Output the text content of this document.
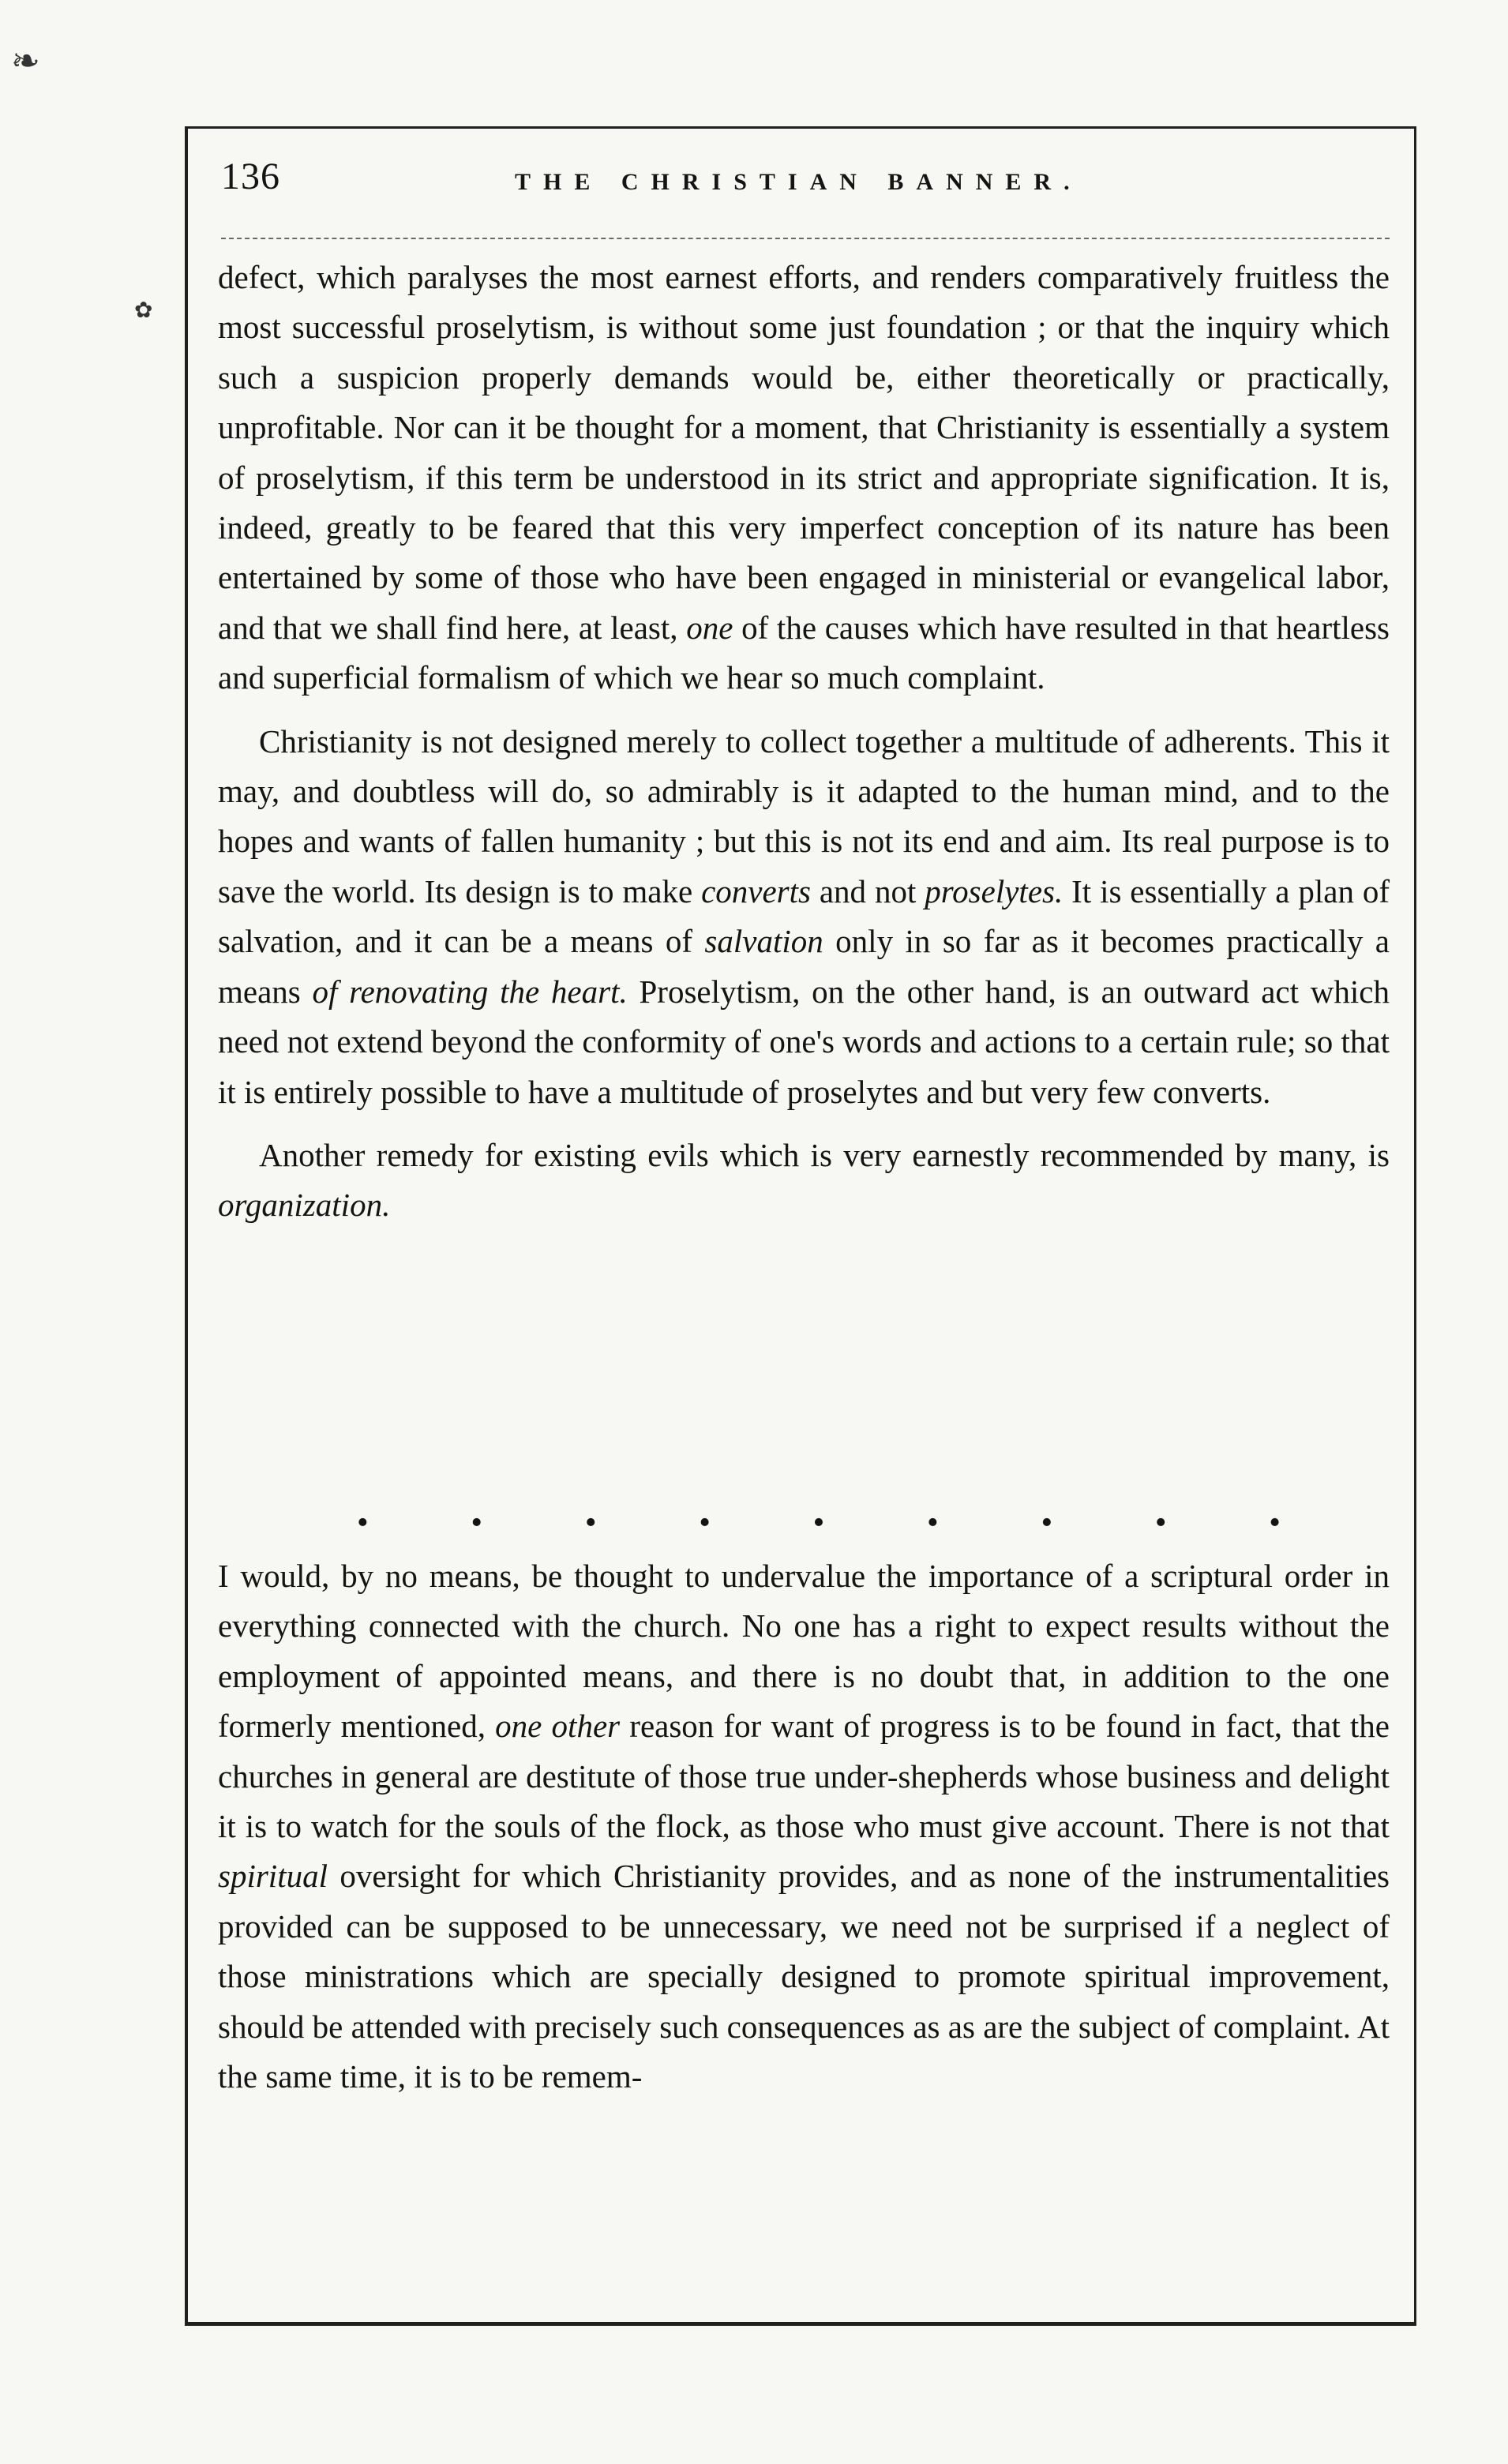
❧
✿
136	THE CHRISTIAN BANNER.

defect, which paralyses the most earnest efforts, and renders comparatively fruitless the most successful proselytism, is without some just foundation ; or that the inquiry which such a suspicion properly demands would be, either theoretically or practically, unprofitable. Nor can it be thought for a moment, that Christianity is essentially a system of proselytism, if this term be understood in its strict and appropriate signification. It is, indeed, greatly to be feared that this very imperfect conception of its nature has been entertained by some of those who have been engaged in ministerial or evangelical labor, and that we shall find here, at least, one of the causes which have resulted in that heartless and superficial formalism of which we hear so much complaint.

Christianity is not designed merely to collect together a multitude of adherents. This it may, and doubtless will do, so admirably is it adapted to the human mind, and to the hopes and wants of fallen humanity ; but this is not its end and aim. Its real purpose is to save the world. Its design is to make converts and not proselytes. It is essentially a plan of salvation, and it can be a means of salvation only in so far as it becomes practically a means of renovating the heart. Proselytism, on the other hand, is an outward act which need not extend beyond the conformity of one's words and actions to a certain rule; so that it is entirely possible to have a multitude of proselytes and but very few converts.

Another remedy for existing evils which is very earnestly recommended by many, is organization.

•	•	•	•	•	•	•	•	•

I would, by no means, be thought to undervalue the importance of a scriptural order in everything connected with the church. No one has a right to expect results without the employment of appointed means, and there is no doubt that, in addition to the one formerly mentioned, one other reason for want of progress is to be found in fact, that the churches in general are destitute of those true under-shepherds whose business and delight it is to watch for the souls of the flock, as those who must give account. There is not that spiritual oversight for which Christianity provides, and as none of the instrumentalities provided can be supposed to be unnecessary, we need not be surprised if a neglect of those ministrations which are specially designed to promote spiritual improvement, should be attended with precisely such consequences as as are the subject of complaint. At the same time, it is to be remem-
